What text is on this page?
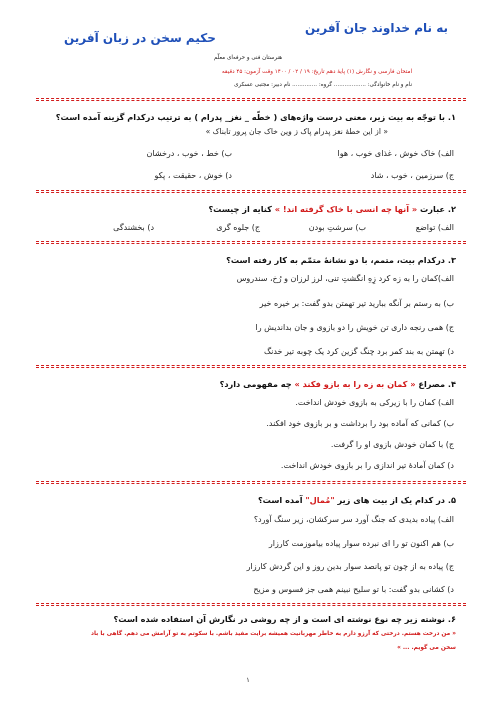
به نام خداوند جان آفرین
حکیم سخن در زبان آفرین
هنرستان فنی و حرفه‌ای معلّم
امتحان فارسی و نگارش (۱) پایهٔ دهم تاریخ: ۱۹ / ۰۲ / ۱۴۰۰ وقت آزمون: ۴۵ دقیقه
نام و نام خانوادگی: .................. گروه: .............. نام دبیر: مجتبی عسکری
۱. با توجّه به بیت زیر، معنی درست واژه‌های ( خطّه _ نغز_ پدرام ) به ترتیب درکدام گزینه آمده است؟
« از این خطهٔ نغز پدرام پاک ز وین خاک جان پرور تابناک »
الف) خاک خوش ، غذای خوب ، هوا
ب) خط ، خوب ، درخشان
ج) سرزمین ، خوب ، شاد
د) خوش ، حقیقت ، پکو
۲. عبارت « آنها چه انسی با خاک گرفته اند! » کنایه از چیست؟
الف) تواضع
ب) سرشتِ بودن
ج) جلوه گری
د) بخشندگی
۳. درکدام بیت، متمم، با دو نشانهٔ متمّم به کار رفته است؟
الف)کمان را به زه کرد زِهِ انگشتِ تنی، لرز لرزان و رُخ، سندروس
ب) به رستم بر آنگه ببارید تیر تهمتن بدو گفت: بر خیره خیر
ج) همی رنجه داری تن خویش را دو بازوی و جان بداندیش را
د) تهمتن به بند کمر برد چنگ گزین کرد یک چوبه تیر خدنگ
۴. مصراع « کمان به زه را به بازو فکند » چه مفهومی دارد؟
الف) کمان را با زیرکی به بازوی خودش انداخت.
ب) کمانی که آماده بود را برداشت و بر بازوی خود افکند.
ج) با کمان خودش بازوی او را گرفت.
د) کمان آمادهٔ تیر اندازی را بر بازوی خودش انداخت.
۵. در کدام یک از بیت های زیر "مُمال" آمده است؟
الف) پیاده بدیدی که جنگ آورد سر سرکشان، زیر سنگ آورد؟
ب) هم اکنون تو را ای نبرده سوار پیاده بیاموزمت کارزار
ج) پیاده به از چون تو پانصد سوار بدین روز و این گردش کارزار
د) کشانی بدو گفت: با تو سلیح نبینم همی جز فسوس و مزیح
۶. نوشته زیر چه نوع نوشته ای است و از چه روشی در نگارش آن استفاده شده است؟
« من درخت هستم. درختی که آرزو دارم به خاطر مهربانیت همیشه برایت مفید باشم. با سکوتم به تو آرامش می دهم. گاهی با باد
سخن می گویم. ... »
۱
